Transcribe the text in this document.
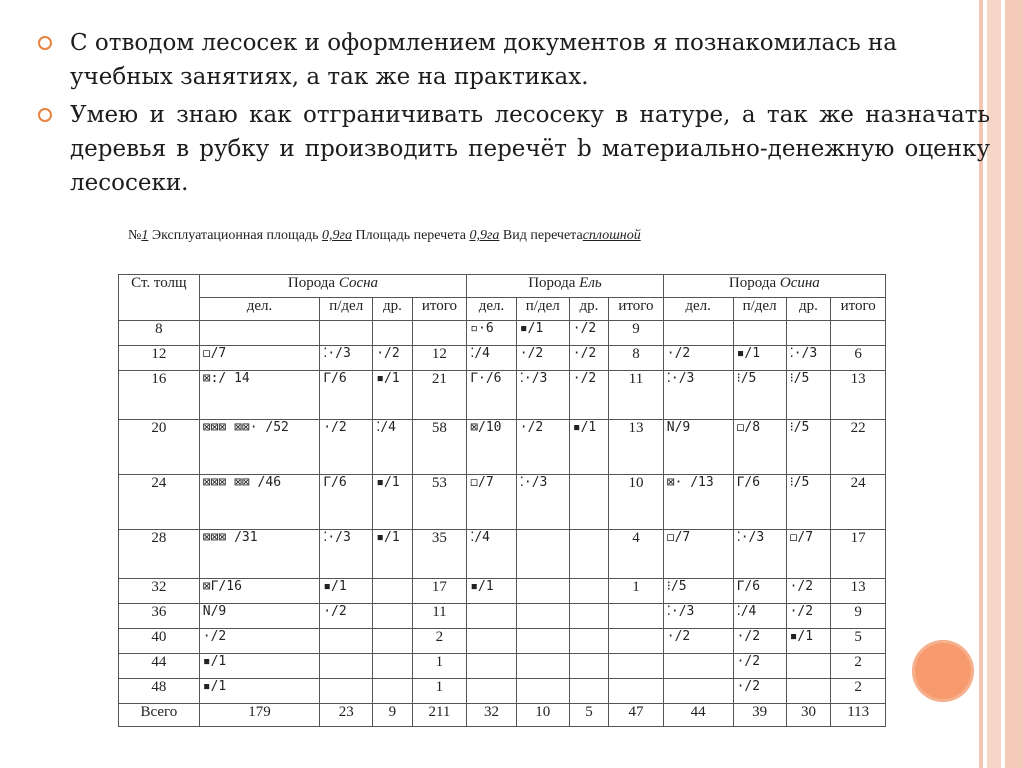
С отводом лесосек и оформлением документов я познакомилась на учебных занятиях, а так же на практиках.
Умею и знаю как отграничивать лесосеку в натуре, а так же назначать деревья в рубку и производить перечёт b материально-денежную оценку лесосеки.
№1 Эксплуатационная площадь 0,9га Площадь перечета 0,9га Вид перечетасплошной
Ст. толщ	Порода Сосна				Порода Ель				Порода Осина			
	дел.	п/дел	др.	итого	дел.	п/дел	др.	итого	дел.	п/дел	др.	итого
8					▫·6	▪/1	·/2	9				
12	◻/7	⁚·/3	·/2	12	⁚/4	·/2	·/2	8	·/2	▪/1	⁚·/3	6
16	⊠:/ 14	Γ/6	▪/1	21	Γ·/6	⁚·/3	·/2	11	⁚·/3	⁝/5	⁝/5	13
20	⊠⊠⊠ ⊠⊠· /52	·/2	⁚/4	58	⊠/10	·/2	▪/1	13	N/9	◻/8	⁝/5	22
24	⊠⊠⊠ ⊠⊠ /46	Γ/6	▪/1	53	◻/7	⁚·/3		10	⊠· /13	Γ/6	⁝/5	24
28	⊠⊠⊠ /31	⁚·/3	▪/1	35	⁚/4			4	◻/7	⁚·/3	◻/7	17
32	⊠Γ/16	▪/1		17	▪/1			1	⁝/5	Γ/6	·/2	13
36	N/9	·/2		11					⁚·/3	⁚/4	·/2	9
40	·/2			2					·/2	·/2	▪/1	5
44	▪/1			1						·/2		2
48	▪/1			1						·/2		2
Всего	179	23	9	211	32	10	5	47	44	39	30	113
